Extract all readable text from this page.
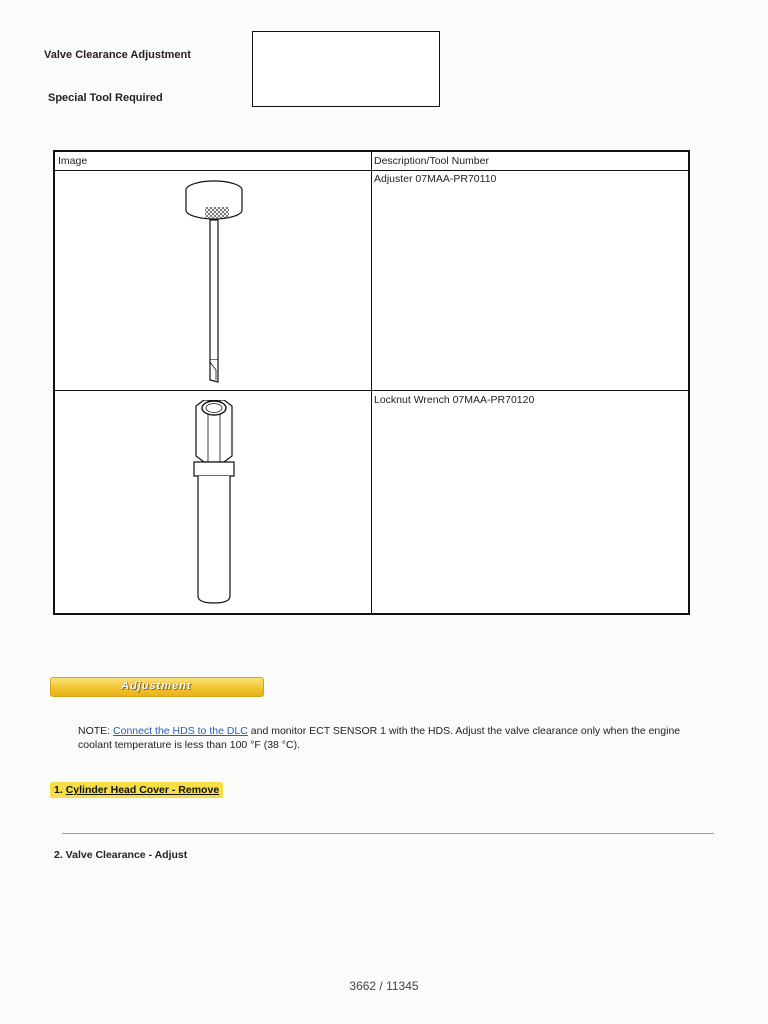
Valve Clearance Adjustment
Special Tool Required
Image	Description/Tool Number
Adjuster 07MAA-PR70110
Locknut Wrench 07MAA-PR70120
Adjustment
NOTE: Connect the HDS to the DLC and monitor ECT SENSOR 1 with the HDS. Adjust the valve clearance only when the engine coolant temperature is less than 100 °F (38 °C).
1. Cylinder Head Cover - Remove
2. Valve Clearance - Adjust
3662 / 11345
